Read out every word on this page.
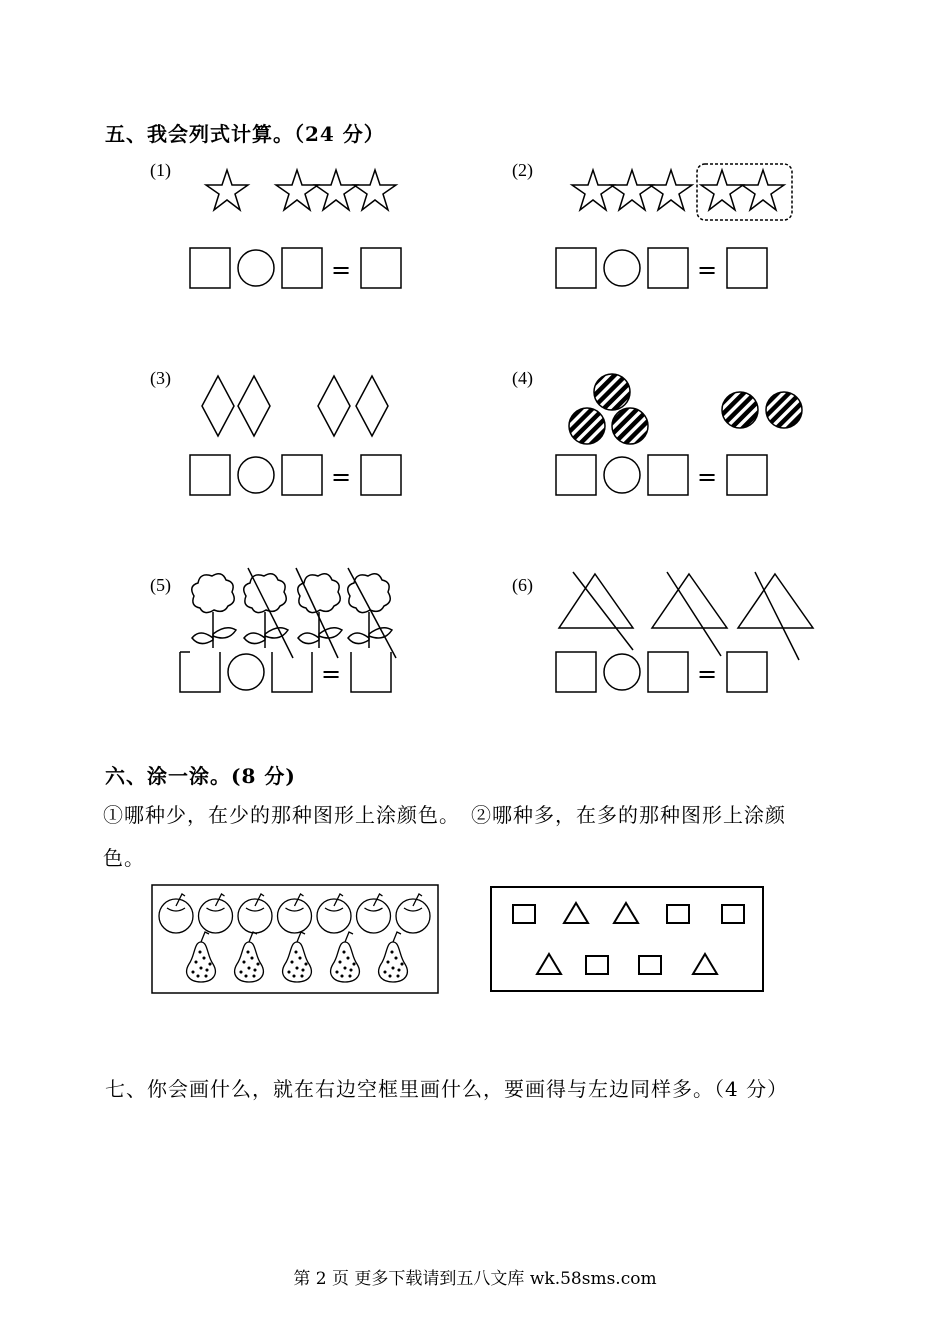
五、我会列式计算。（24 分）
(1)	(2)
(3)	(4)
(5)	(6)
=	=
=	=
=	=
六、涂一涂。(8 分)
①哪种少，在少的那种图形上涂颜色。　②哪种多，在多的那种图形上涂颜
色。
七、你会画什么，就在右边空框里画什么，要画得与左边同样多。（4 分）
第 2 页 更多下载请到五八文库 wk.58sms.com
